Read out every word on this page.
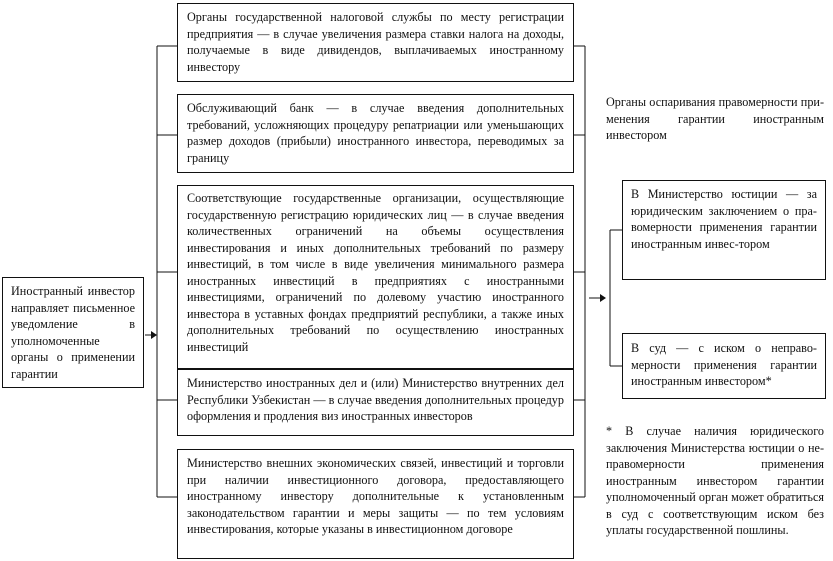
Иностранный инвестор направляет письменное уведомление в уполномоченные органы о применении гарантии
Органы государственной налоговой службы по месту регистрации предприятия — в случае увеличения размера ставки налога на доходы, получаемые в виде дивидендов, выплачиваемых иностранному инвестору
Обслуживающий банк — в случае введения дополнительных требований, усложняющих процедуру репатриации или уменьшающих размер доходов (прибыли) иностранного инвестора, переводимых за границу
Соответствующие государственные организации, осуществляющие государственную регистрацию юридических лиц — в случае введения количественных ограничений на объемы осуществления инвестирования и иных дополнительных требований по размеру инвестиций, в том числе в виде увеличения минимального размера иностранных инвестиций в предприятиях с иностранными инвестициями, ограничений по долевому участию иностранного инвестора в уставных фондах предприятий республики, а также иных дополнительных требований по осуществлению иностранных инвестиций
Министерство иностранных дел и (или) Министерство внутренних дел Республики Узбекистан — в случае введения дополнительных процедур оформления и продления виз иностранных инвесторов
Министерство внешних экономических связей, инвестиций и торговли при наличии инвестиционного договора, предоставляющего иностранному инвестору дополнительные к установленным законодательством гарантии и меры защиты — по тем условиям инвестирования, которые указаны в инвестиционном договоре
Органы оспаривания правомерности при-менения гарантии иностранным инвестором
В Министерство юстиции — за юридическим заключением о пра-вомерности применения гарантии иностранным инвес-тором
В суд — с иском о неправо-мерности применения гарантии иностранным инвестором*
* В случае наличия юридического заключения Министерства юстиции о не-правомерности применения иностранным инвестором гарантии уполномоченный орган может обратиться в суд с соответствующим иском без уплаты государственной пошлины.
